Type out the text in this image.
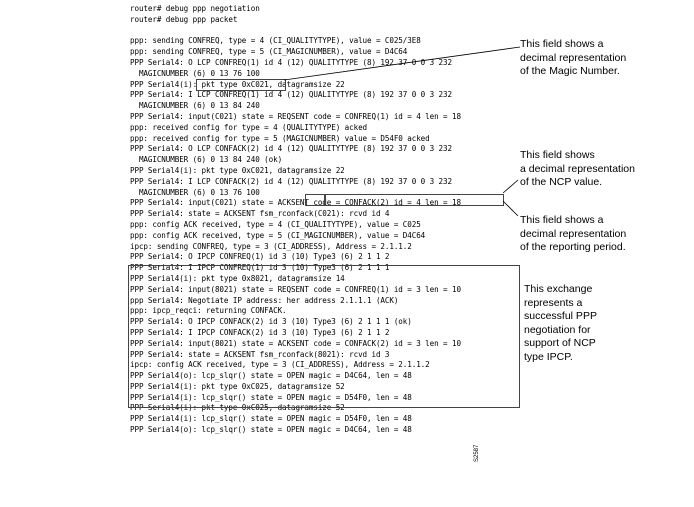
router# debug ppp negotiation
router# debug ppp packet
ppp: sending CONFREQ, type = 4 (CI_QUALITYTYPE), value = C025/3E8
ppp: sending CONFREQ, type = 5 (CI_MAGICNUMBER), value = D4C64
PPP Serial4: O LCP CONFREQ(1) id 4 (12) QUALITYTYPE (8) 192 37 0 0 3 232
MAGICNUMBER (6) 0 13 76 100
PPP Serial4(i): pkt type 0xC021, datagramsize 22
PPP Serial4: I LCP CONFREQ(1) id 4 (12) QUALITYTYPE (8) 192 37 0 0 3 232
MAGICNUMBER (6) 0 13 84 240
PPP Serial4: input(C021) state = REQSENT code = CONFREQ(1) id = 4 len = 18
ppp: received config for type = 4 (QUALITYTYPE) acked
ppp: received config for type = 5 (MAGICNUMBER) value = D54F0 acked
PPP Serial4: O LCP CONFACK(2) id 4 (12) QUALITYTYPE (8) 192 37 0 0 3 232
MAGICNUMBER (6) 0 13 84 240 (ok)
PPP Serial4(i): pkt type 0xC021, datagramsize 22
PPP Serial4: I LCP CONFACK(2) id 4 (12) QUALITYTYPE (8) 192 37 0 0 3 232
MAGICNUMBER (6) 0 13 76 100
PPP Serial4: input(C021) state = ACKSENT code = CONFACK(2) id = 4 len = 18
PPP Serial4: state = ACKSENT fsm_rconfack(C021): rcvd id 4
ppp: config ACK received, type = 4 (CI_QUALITYTYPE), value = C025
ppp: config ACK received, type = 5 (CI_MAGICNUMBER), value = D4C64
ipcp: sending CONFREQ, type = 3 (CI_ADDRESS), Address = 2.1.1.2
PPP Serial4: O IPCP CONFREQ(1) id 3 (10) Type3 (6) 2 1 1 2
PPP Serial4: I IPCP CONFREQ(1) id 3 (10) Type3 (6) 2 1 1 1
PPP Serial4(i): pkt type 0x8021, datagramsize 14
PPP Serial4: input(8021) state = REQSENT code = CONFREQ(1) id = 3 len = 10
ppp Serial4: Negotiate IP address: her address 2.1.1.1 (ACK)
ppp: ipcp_reqci: returning CONFACK.
PPP Serial4: O IPCP CONFACK(2) id 3 (10) Type3 (6) 2 1 1 1 (ok)
PPP Serial4: I IPCP CONFACK(2) id 3 (10) Type3 (6) 2 1 1 2
PPP Serial4: input(8021) state = ACKSENT code = CONFACK(2) id = 3 len = 10
PPP Serial4: state = ACKSENT fsm_rconfack(8021): rcvd id 3
ipcp: config ACK received, type = 3 (CI_ADDRESS), Address = 2.1.1.2
PPP Serial4(o): lcp_slqr() state = OPEN magic = D4C64, len = 48
PPP Serial4(i): pkt type 0xC025, datagramsize 52
PPP Serial4(i): lcp_slqr() state = OPEN magic = D54F0, len = 48
PPP Serial4(i): pkt type 0xC025, datagramsize 52
PPP Serial4(i): lcp_slqr() state = OPEN magic = D54F0, len = 48
PPP Serial4(o): lcp_slqr() state = OPEN magic = D4C64, len = 48
This field shows a
decimal representation
of the Magic Number.
This field shows
a decimal representation
of the NCP value.
This field shows a
decimal representation
of the reporting period.
This exchange
represents a
successful PPP
negotiation for
support of NCP
type IPCP.
S2587
